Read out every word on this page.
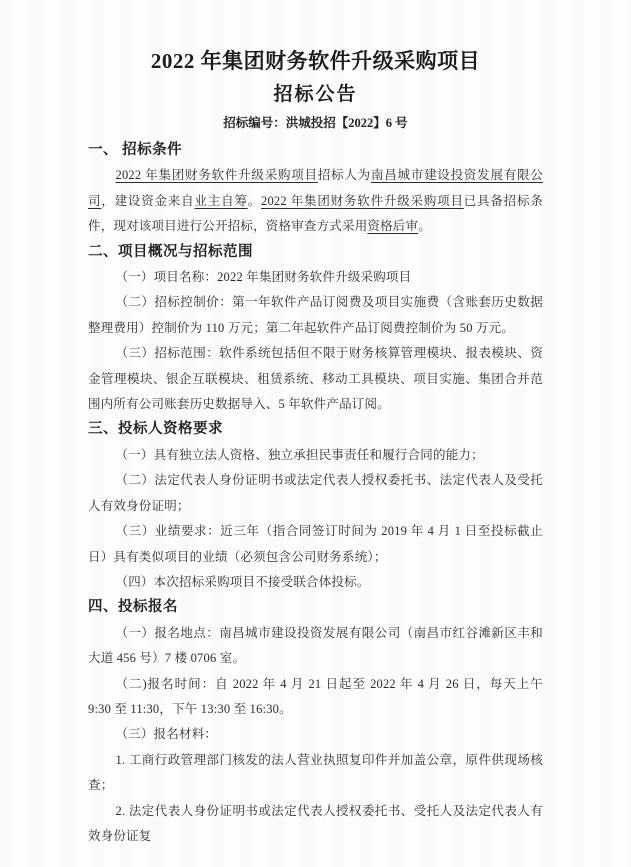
2022 年集团财务软件升级采购项目
招标公告
招标编号：洪城投招【2022】6 号
一、 招标条件

2022 年集团财务软件升级采购项目招标人为南昌城市建设投资发展有限公司，建设资金来自业主自筹。2022 年集团财务软件升级采购项目已具备招标条件，现对该项目进行公开招标，资格审查方式采用资格后审。

二、项目概况与招标范围

（一）项目名称：2022 年集团财务软件升级采购项目

（二）招标控制价：第一年软件产品订阅费及项目实施费（含账套历史数据整理费用）控制价为 110 万元；第二年起软件产品订阅费控制价为 50 万元。

（三）招标范围：软件系统包括但不限于财务核算管理模块、报表模块、资金管理模块、银企互联模块、租赁系统、移动工具模块、项目实施、集团合并范围内所有公司账套历史数据导入、5 年软件产品订阅。

三、投标人资格要求

（一）具有独立法人资格、独立承担民事责任和履行合同的能力；

（二）法定代表人身份证明书或法定代表人授权委托书、法定代表人及受托人有效身份证明；

（三）业绩要求：近三年（指合同签订时间为 2019 年 4 月 1 日至投标截止日）具有类似项目的业绩（必须包含公司财务系统）；

（四）本次招标采购项目不接受联合体投标。

四、投标报名

（一）报名地点：南昌城市建设投资发展有限公司（南昌市红谷滩新区丰和大道 456 号）7 楼 0706 室。

（二)报名时间：自 2022 年 4 月 21 日起至 2022 年 4 月 26 日，每天上午 9:30 至 11:30，下午 13:30 至 16:30。

（三）报名材料：

1. 工商行政管理部门核发的法人营业执照复印件并加盖公章，原件供现场核查；

2. 法定代表人身份证明书或法定代表人授权委托书、受托人及法定代表人有效身份证复
